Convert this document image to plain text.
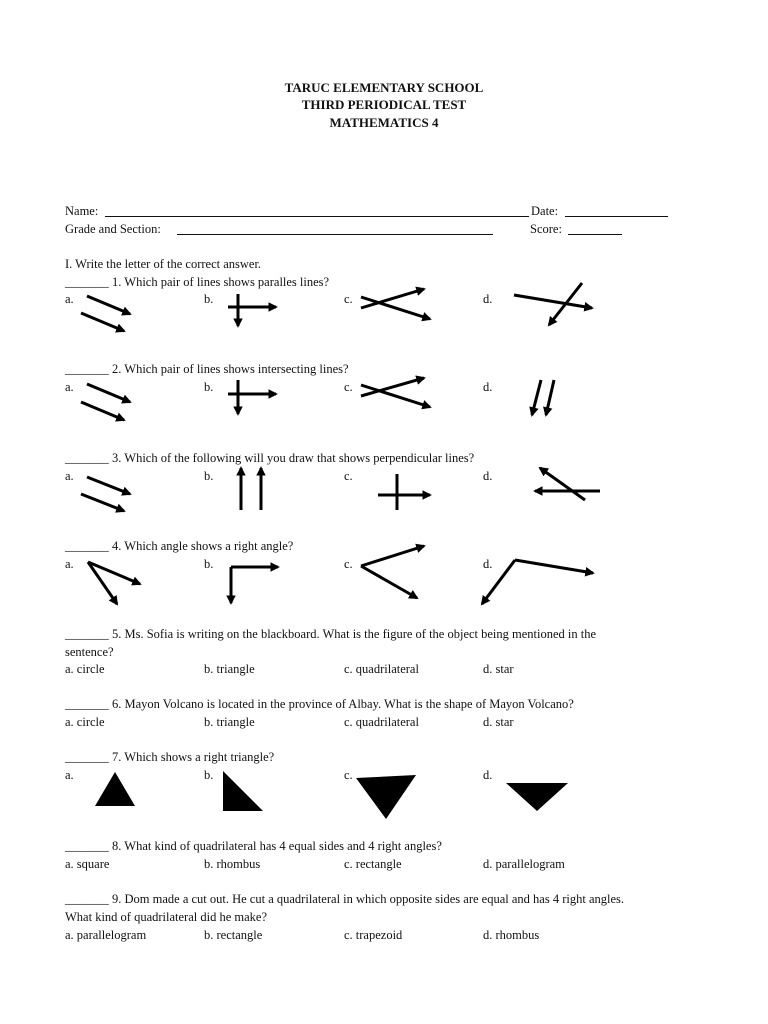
TARUC ELEMENTARY SCHOOL
THIRD PERIODICAL TEST
MATHEMATICS 4
Name:	Date:
Grade and Section:	Score:
I. Write the letter of the correct answer.
_______ 1. Which pair of lines shows paralles lines?
a.	b.	c.	d.
_______ 2. Which pair of lines shows intersecting lines?
a.	b.	c.	d.
_______ 3. Which of the following will you draw that shows perpendicular lines?
a.	b.	c.	d.
_______ 4. Which angle shows a right angle?
a.	b.	c.	d.
_______ 5. Ms. Sofia is writing on the blackboard. What is the figure of the object being mentioned in the
sentence?
a. circle	b. triangle	c. quadrilateral	d. star
_______ 6. Mayon Volcano is located in the province of Albay. What is the shape of Mayon Volcano?
a. circle	b. triangle	c. quadrilateral	d. star
_______ 7. Which shows a right triangle?
a.	b.	c.	d.
_______ 8. What kind of quadrilateral has 4 equal sides and 4 right angles?
a. square	b. rhombus	c. rectangle	d. parallelogram
_______ 9. Dom made a cut out. He cut a quadrilateral in which opposite sides are equal and has 4 right angles.
What kind of quadrilateral did he make?
a. parallelogram	b. rectangle	c. trapezoid	d. rhombus
